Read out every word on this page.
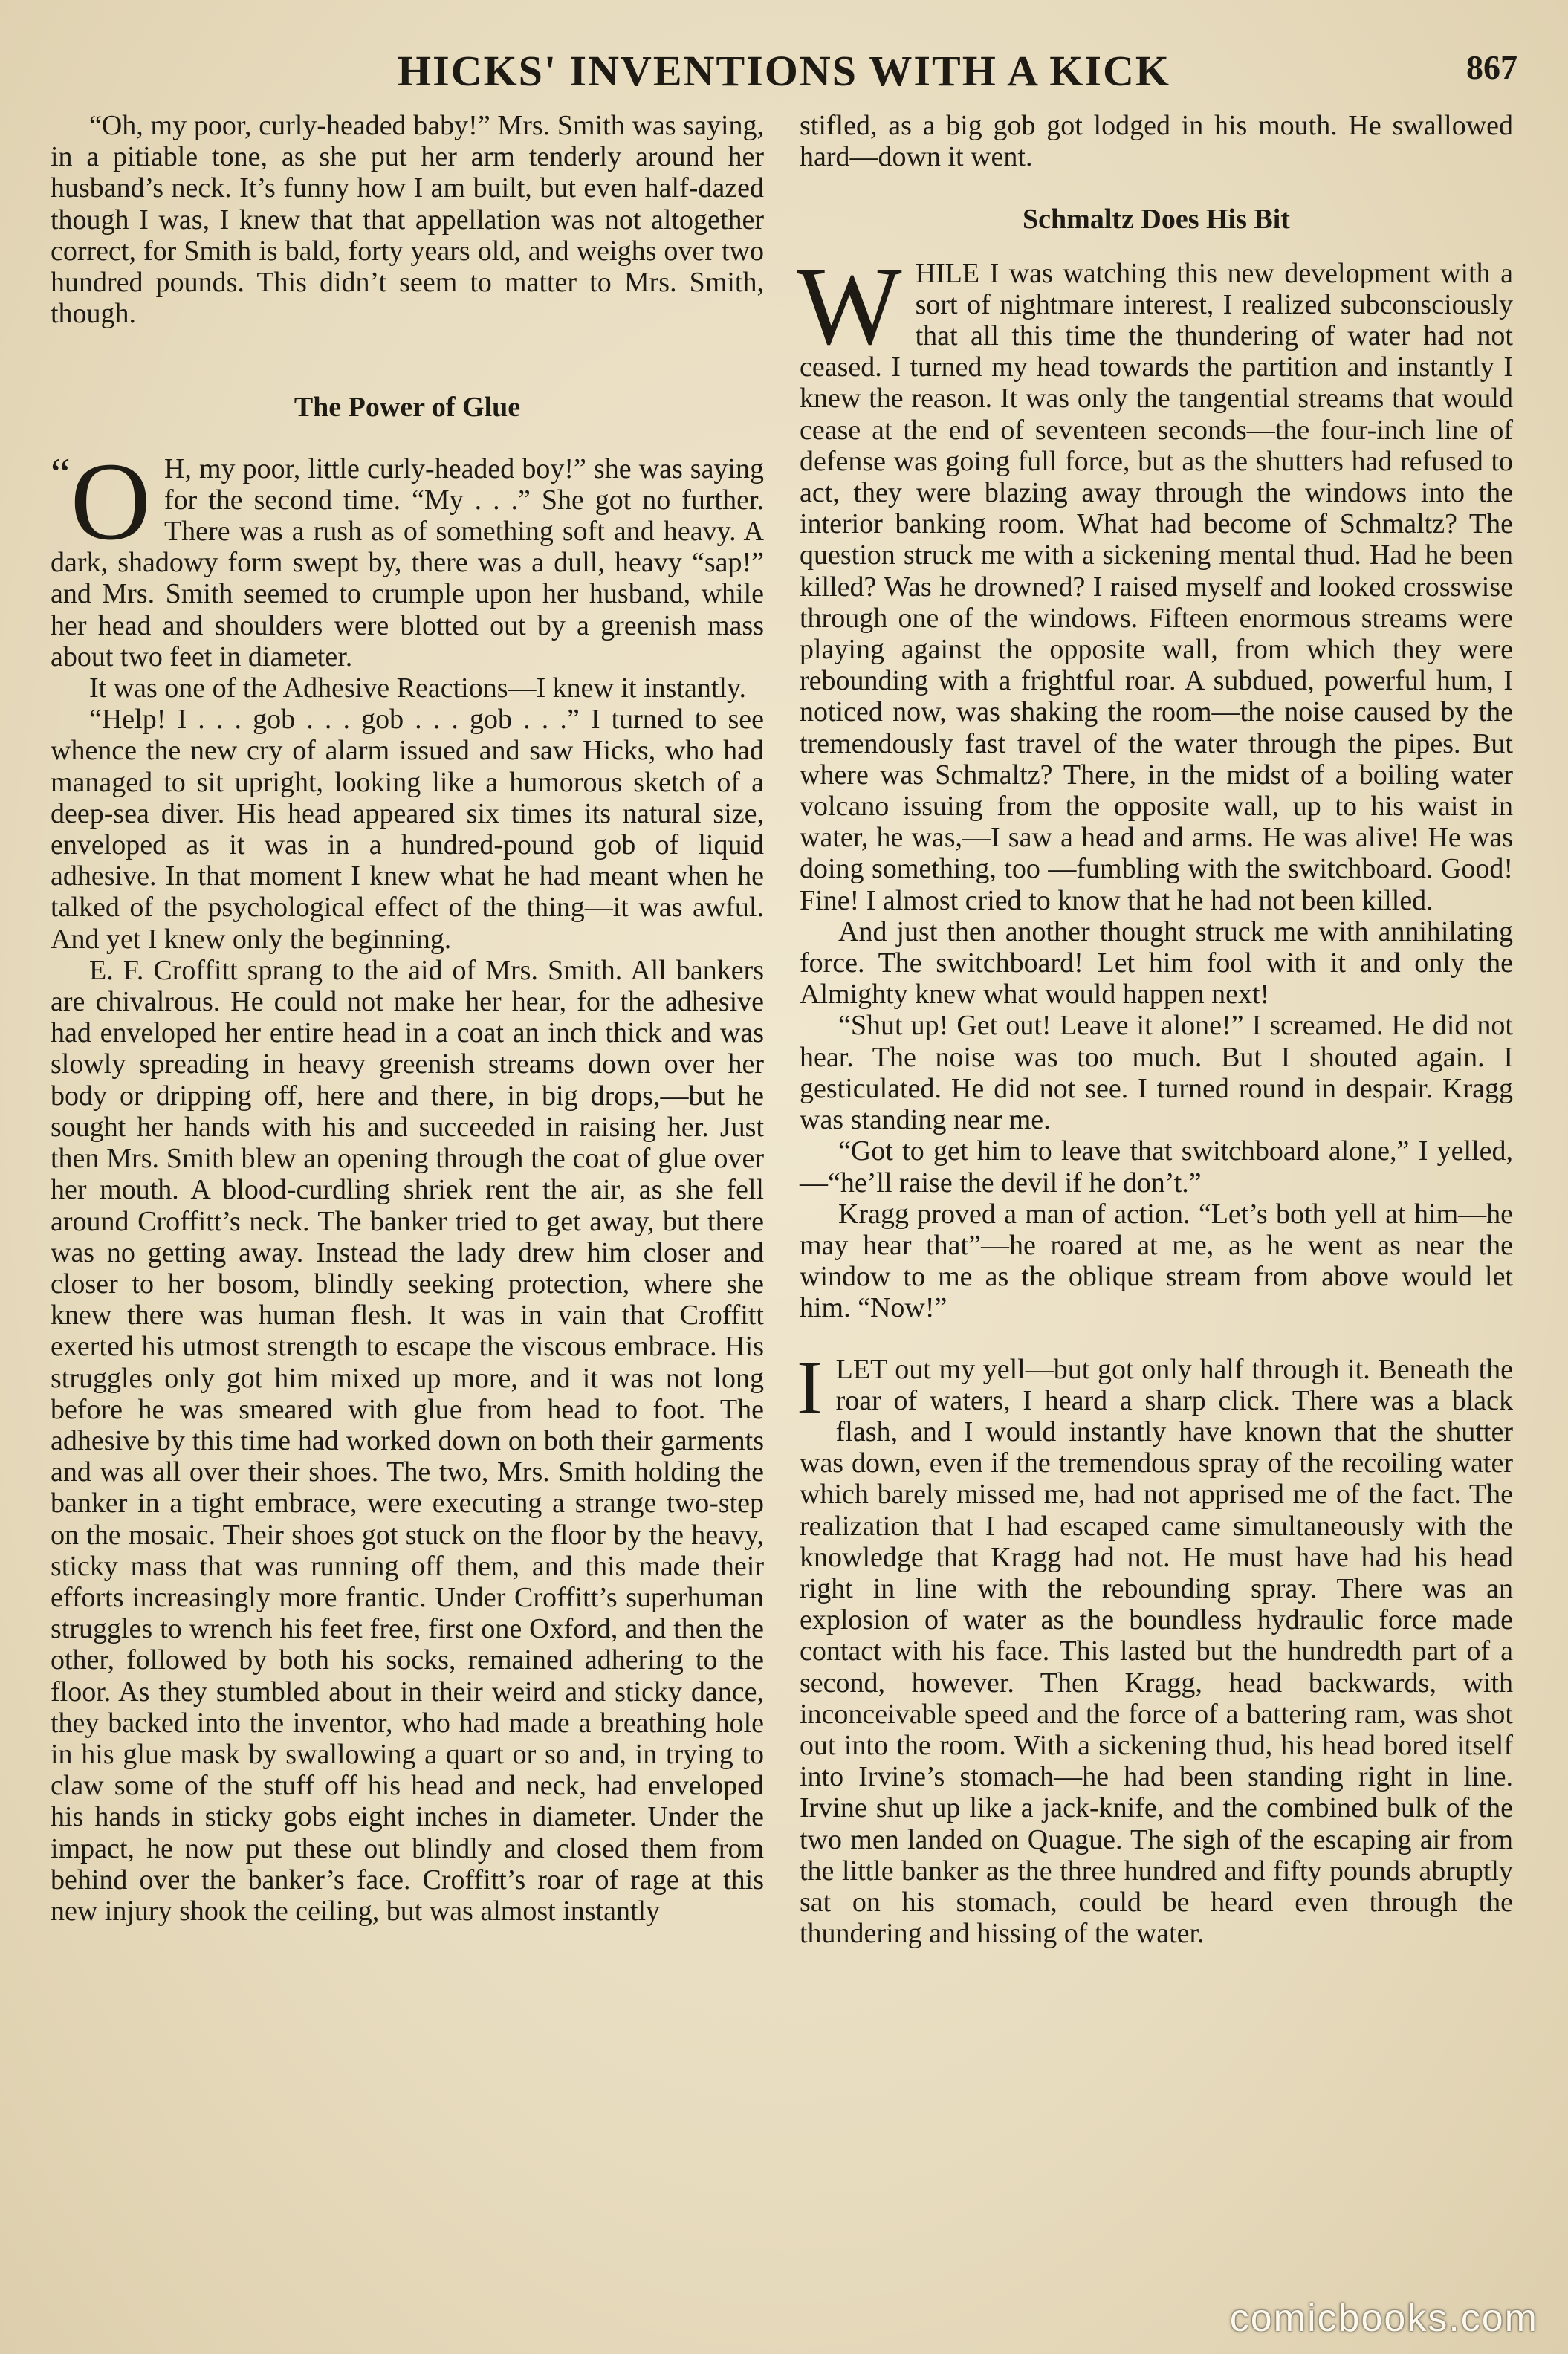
HICKS' INVENTIONS WITH A KICK	867

“Oh, my poor, curly-headed baby!” Mrs. Smith was saying, in a pitiable tone, as she put her arm tenderly around her husband’s neck. It’s funny how I am built, but even half-dazed though I was, I knew that that appellation was not altogether correct, for Smith is bald, forty years old, and weighs over two hundred pounds. This didn’t seem to matter to Mrs. Smith, though.

The Power of Glue

“ O H, my poor, little curly-headed boy!” she was saying for the second time. “My . . .” She got no further. There was a rush as of something soft and heavy. A dark, shadowy form swept by, there was a dull, heavy “sap!” and Mrs. Smith seemed to crumple upon her husband, while her head and shoulders were blotted out by a greenish mass about two feet in diameter.

It was one of the Adhesive Reactions—I knew it instantly.

“Help! I . . . gob . . . gob . . . gob . . .” I turned to see whence the new cry of alarm issued and saw Hicks, who had managed to sit upright, looking like a humorous sketch of a deep-sea diver. His head appeared six times its natural size, enveloped as it was in a hundred-pound gob of liquid adhesive. In that moment I knew what he had meant when he talked of the psychological effect of the thing—it was awful. And yet I knew only the beginning.

E. F. Croffitt sprang to the aid of Mrs. Smith. All bankers are chivalrous. He could not make her hear, for the adhesive had enveloped her entire head in a coat an inch thick and was slowly spreading in heavy greenish streams down over her body or dripping off, here and there, in big drops,—but he sought her hands with his and succeeded in raising her. Just then Mrs. Smith blew an opening through the coat of glue over her mouth. A blood-curdling shriek rent the air, as she fell around Croffitt’s neck. The banker tried to get away, but there was no getting away. Instead the lady drew him closer and closer to her bosom, blindly seeking protection, where she knew there was human flesh. It was in vain that Croffitt exerted his utmost strength to escape the viscous embrace. His struggles only got him mixed up more, and it was not long before he was smeared with glue from head to foot. The adhesive by this time had worked down on both their garments and was all over their shoes. The two, Mrs. Smith holding the banker in a tight embrace, were executing a strange two-step on the mosaic. Their shoes got stuck on the floor by the heavy, sticky mass that was running off them, and this made their efforts increasingly more frantic. Under Croffitt’s superhuman struggles to wrench his feet free, first one Oxford, and then the other, followed by both his socks, remained adhering to the floor. As they stumbled about in their weird and sticky dance, they backed into the inventor, who had made a breathing hole in his glue mask by swallowing a quart or so and, in trying to claw some of the stuff off his head and neck, had enveloped his hands in sticky gobs eight inches in diameter. Under the impact, he now put these out blindly and closed them from behind over the banker’s face. Croffitt’s roar of rage at this new injury shook the ceiling, but was almost instantly

stifled, as a big gob got lodged in his mouth. He swallowed hard—down it went.

Schmaltz Does His Bit

WHILE I was watching this new development with a sort of nightmare interest, I realized subconsciously that all this time the thundering of water had not ceased. I turned my head towards the partition and instantly I knew the reason. It was only the tangential streams that would cease at the end of seventeen seconds—the four-inch line of defense was going full force, but as the shutters had refused to act, they were blazing away through the windows into the interior banking room. What had become of Schmaltz? The question struck me with a sickening mental thud. Had he been killed? Was he drowned? I raised myself and looked crosswise through one of the windows. Fifteen enormous streams were playing against the opposite wall, from which they were rebounding with a frightful roar. A subdued, powerful hum, I noticed now, was shaking the room—the noise caused by the tremendously fast travel of the water through the pipes. But where was Schmaltz? There, in the midst of a boiling water volcano issuing from the opposite wall, up to his waist in water, he was,—I saw a head and arms. He was alive! He was doing something, too —fumbling with the switchboard. Good! Fine! I almost cried to know that he had not been killed.

And just then another thought struck me with annihilating force. The switchboard! Let him fool with it and only the Almighty knew what would happen next!

“Shut up! Get out! Leave it alone!” I screamed. He did not hear. The noise was too much. But I shouted again. I gesticulated. He did not see. I turned round in despair. Kragg was standing near me.

“Got to get him to leave that switchboard alone,” I yelled,—“he’ll raise the devil if he don’t.”

Kragg proved a man of action. “Let’s both yell at him—he may hear that”—he roared at me, as he went as near the window to me as the oblique stream from above would let him. “Now!”

ILET out my yell—but got only half through it. Beneath the roar of waters, I heard a sharp click. There was a black flash, and I would instantly have known that the shutter was down, even if the tremendous spray of the recoiling water which barely missed me, had not apprised me of the fact. The realization that I had escaped came simultaneously with the knowledge that Kragg had not. He must have had his head right in line with the rebounding spray. There was an explosion of water as the boundless hydraulic force made contact with his face. This lasted but the hundredth part of a second, however. Then Kragg, head backwards, with inconceivable speed and the force of a battering ram, was shot out into the room. With a sickening thud, his head bored itself into Irvine’s stomach—he had been standing right in line. Irvine shut up like a jack-knife, and the combined bulk of the two men landed on Quague. The sigh of the escaping air from the little banker as the three hundred and fifty pounds abruptly sat on his stomach, could be heard even through the thundering and hissing of the water.

comicbooks.com
